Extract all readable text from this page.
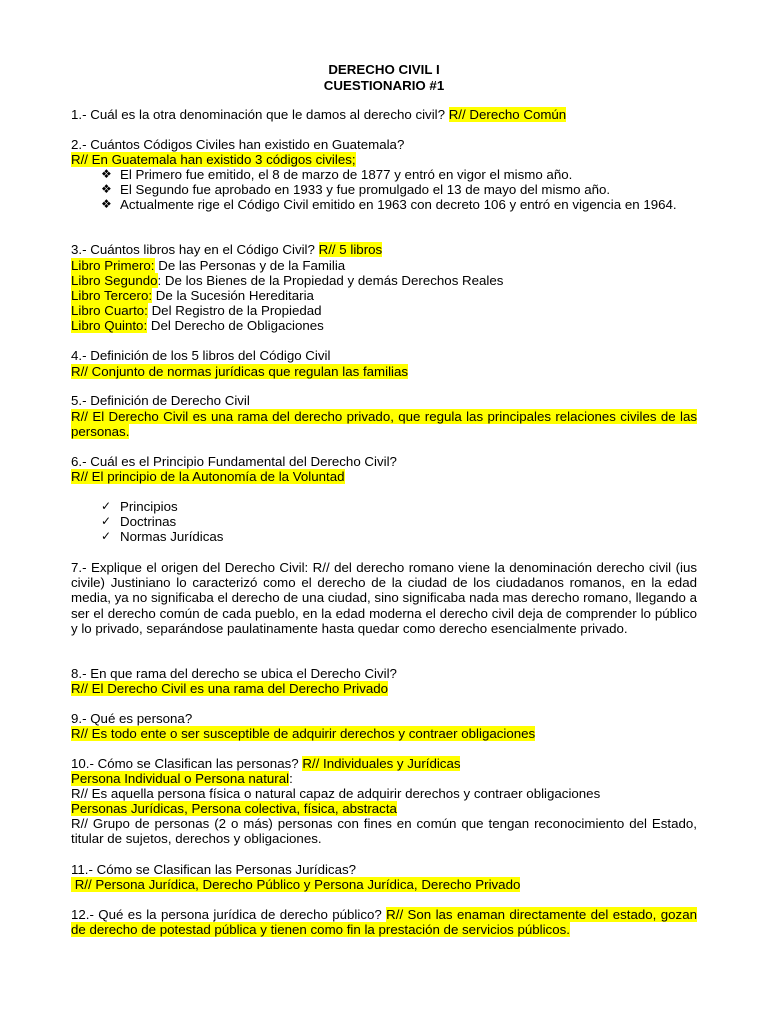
DERECHO CIVIL I
CUESTIONARIO #1
1.- Cuál es la otra denominación que le damos al derecho civil? R// Derecho Común
2.- Cuántos Códigos Civiles han existido en Guatemala?
R// En Guatemala han existido 3 códigos civiles;
❖ El Primero fue emitido, el 8 de marzo de 1877 y entró en vigor el mismo año.
❖ El Segundo fue aprobado en 1933 y fue promulgado el 13 de mayo del mismo año.
❖ Actualmente rige el Código Civil emitido en 1963 con decreto 106 y entró en vigencia en 1964.
3.- Cuántos libros hay en el Código Civil? R// 5 libros
Libro Primero: De las Personas y de la Familia
Libro Segundo: De los Bienes de la Propiedad y demás Derechos Reales
Libro Tercero: De la Sucesión Hereditaria
Libro Cuarto: Del Registro de la Propiedad
Libro Quinto: Del Derecho de Obligaciones
4.- Definición de los 5 libros del Código Civil
R// Conjunto de normas jurídicas que regulan las familias
5.- Definición de Derecho Civil
R// El Derecho Civil es una rama del derecho privado, que regula las principales relaciones civiles de las personas.
6.- Cuál es el Principio Fundamental del Derecho Civil?
R// El principio de la Autonomía de la Voluntad
✓ Principios
✓ Doctrinas
✓ Normas Jurídicas
7.- Explique el origen del Derecho Civil: R// del derecho romano viene la denominación derecho civil (ius civile) Justiniano lo caracterizó como el derecho de la ciudad de los ciudadanos romanos, en la edad media, ya no significaba el derecho de una ciudad, sino significaba nada mas derecho romano, llegando a ser el derecho común de cada pueblo, en la edad moderna el derecho civil deja de comprender lo público y lo privado, separándose paulatinamente hasta quedar como derecho esencialmente privado.
8.- En que rama del derecho se ubica el Derecho Civil?
R// El Derecho Civil es una rama del Derecho Privado
9.- Qué es persona?
R// Es todo ente o ser susceptible de adquirir derechos y contraer obligaciones
10.- Cómo se Clasifican las personas? R// Individuales y Jurídicas
Persona Individual o Persona natural:
R// Es aquella persona física o natural capaz de adquirir derechos y contraer obligaciones
Personas Jurídicas, Persona colectiva, física, abstracta
R// Grupo de personas (2 o más) personas con fines en común que tengan reconocimiento del Estado, titular de sujetos, derechos y obligaciones.
11.- Cómo se Clasifican las Personas Jurídicas?
R// Persona Jurídica, Derecho Público y Persona Jurídica, Derecho Privado
12.- Qué es la persona jurídica de derecho público? R// Son las enaman directamente del estado, gozan de derecho de potestad pública y tienen como fin la prestación de servicios públicos.
